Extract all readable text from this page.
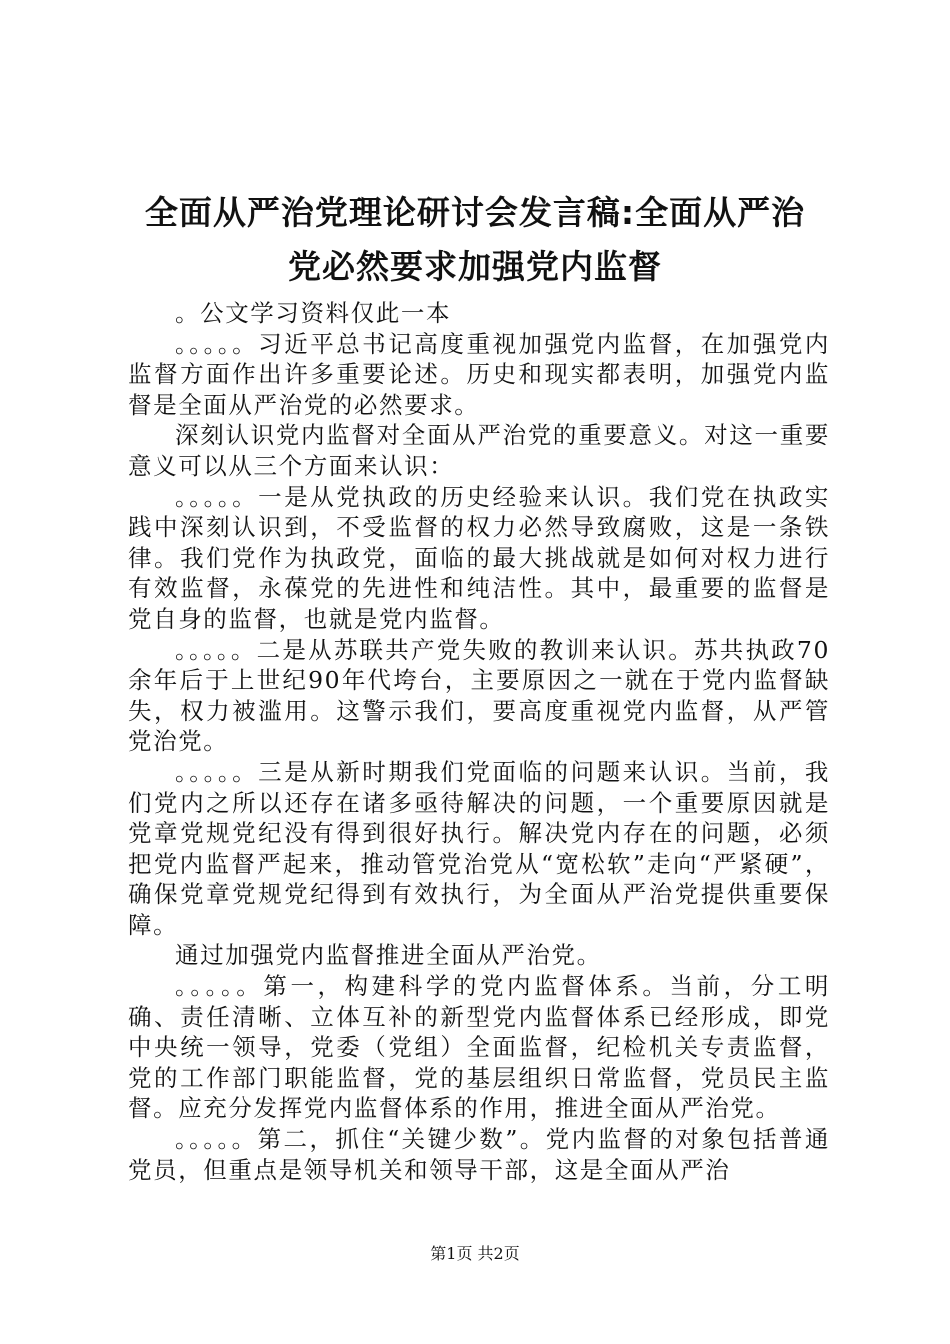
全面从严治党理论研讨会发言稿:全面从严治
党必然要求加强党内监督

。公文学习资料仅此一本

。。。。。习近平总书记高度重视加强党内监督，在加强党内监督方面作出许多重要论述。历史和现实都表明，加强党内监督是全面从严治党的必然要求。

深刻认识党内监督对全面从严治党的重要意义。对这一重要意义可以从三个方面来认识：

。。。。。一是从党执政的历史经验来认识。我们党在执政实践中深刻认识到，不受监督的权力必然导致腐败，这是一条铁律。我们党作为执政党，面临的最大挑战就是如何对权力进行有效监督，永葆党的先进性和纯洁性。其中，最重要的监督是党自身的监督，也就是党内监督。

。。。。。二是从苏联共产党失败的教训来认识。苏共执政70余年后于上世纪90年代垮台，主要原因之一就在于党内监督缺失，权力被滥用。这警示我们，要高度重视党内监督，从严管党治党。

。。。。。三是从新时期我们党面临的问题来认识。当前，我们党内之所以还存在诸多亟待解决的问题，一个重要原因就是党章党规党纪没有得到很好执行。解决党内存在的问题，必须把党内监督严起来，推动管党治党从“宽松软”走向“严紧硬”，确保党章党规党纪得到有效执行，为全面从严治党提供重要保障。

通过加强党内监督推进全面从严治党。

。。。。。第一，构建科学的党内监督体系。当前，分工明确、责任清晰、立体互补的新型党内监督体系已经形成，即党中央统一领导，党委（党组）全面监督，纪检机关专责监督，党的工作部门职能监督，党的基层组织日常监督，党员民主监督。应充分发挥党内监督体系的作用，推进全面从严治党。

。。。。。第二，抓住“关键少数”。党内监督的对象包括普通党员，但重点是领导机关和领导干部，这是全面从严治

第1页 共2页
